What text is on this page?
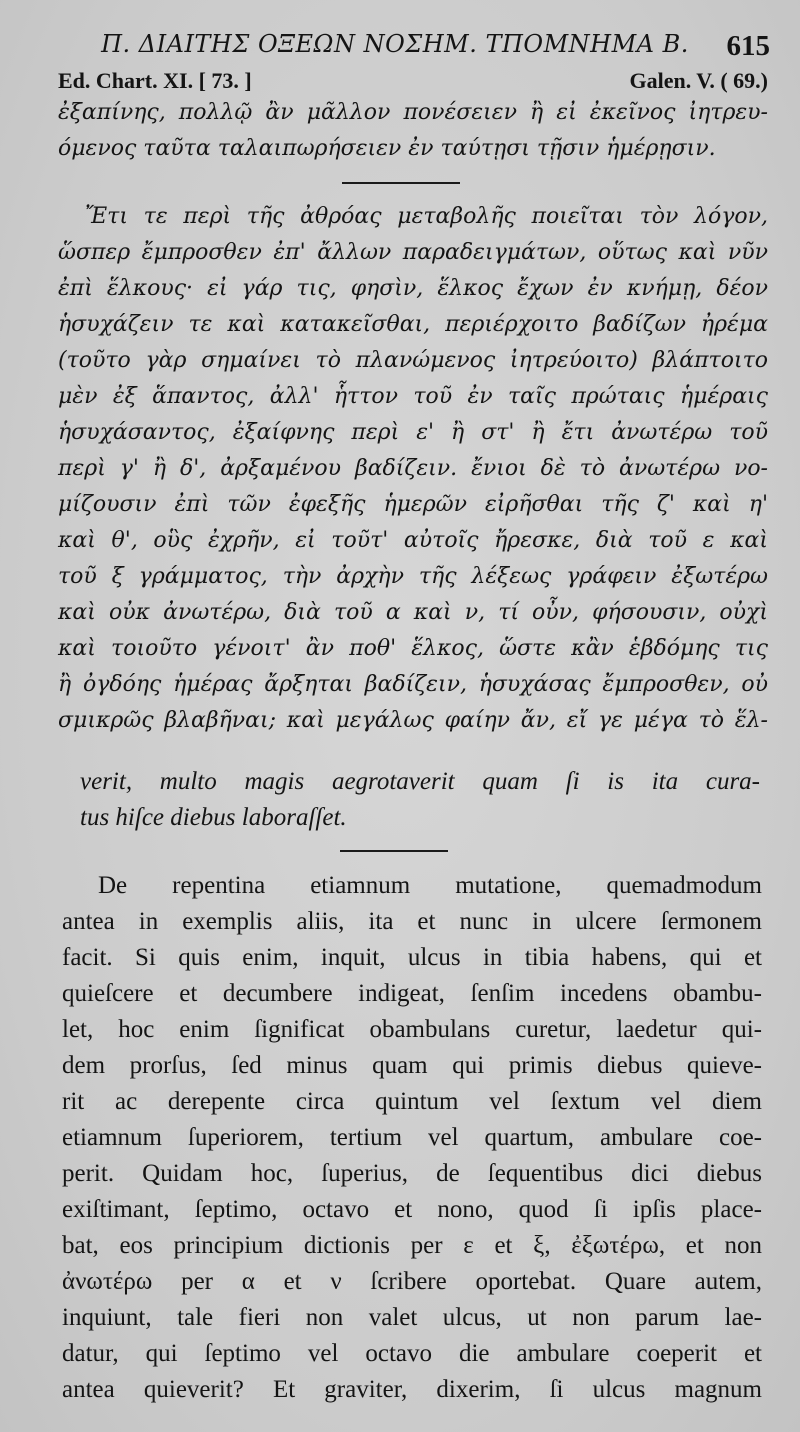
Π. ΔΙΑΙΤΗΣ ΟΞΕΩΝ ΝΟΣΗΜ. ΤΠΟΜΝΗΜΑ Β. 615
Ed. Chart. XI. [ 73. ]	Galen. V. ( 69.)
ἐξαπίνης, πολλῷ ἂν μᾶλλον πονέσειεν ἢ εἰ ἐκεῖνος ἰητρευ-
όμενος ταῦτα ταλαιπωρήσειεν ἐν ταύτῃσι τῇσιν ἡμέρῃσιν.
Ἔτι τε περὶ τῆς ἀθρόας μεταβολῆς ποιεῖται τὸν λόγον,
ὥσπερ ἔμπροσθεν ἐπ' ἄλλων παραδειγμάτων, οὕτως καὶ νῦν
ἐπὶ ἕλκους· εἰ γάρ τις, φησὶν, ἕλκος ἔχων ἐν κνήμῃ, δέον
ἡσυχάζειν τε καὶ κατακεῖσθαι, περιέρχοιτο βαδίζων ἠρέμα
(τοῦτο γὰρ σημαίνει τὸ πλανώμενος ἰητρεύοιτο) βλάπτοιτο
μὲν ἐξ ἅπαντος, ἀλλ' ἧττον τοῦ ἐν ταῖς πρώταις ἡμέραις
ἡσυχάσαντος, ἐξαίφνης περὶ ε' ἢ στ' ἢ ἔτι ἀνωτέρω τοῦ
περὶ γ' ἢ δ', ἀρξαμένου βαδίζειν. ἔνιοι δὲ τὸ ἀνωτέρω νο-
μίζουσιν ἐπὶ τῶν ἐφεξῆς ἡμερῶν εἰρῆσθαι τῆς ζ' καὶ η'
καὶ θ', οὓς ἐχρῆν, εἰ τοῦτ' αὐτοῖς ἤρεσκε, διὰ τοῦ ε καὶ
τοῦ ξ γράμματος, τὴν ἀρχὴν τῆς λέξεως γράφειν ἐξωτέρω
καὶ οὐκ ἀνωτέρω, διὰ τοῦ α καὶ ν, τί οὖν, φήσουσιν, οὐχὶ
καὶ τοιοῦτο γένοιτ' ἂν ποθ' ἕλκος, ὥστε κἂν ἑβδόμης τις
ἢ ὀγδόης ἡμέρας ἄρξηται βαδίζειν, ἡσυχάσας ἔμπροσθεν, οὐ
σμικρῶς βλαβῆναι; καὶ μεγάλως φαίην ἄν, εἴ γε μέγα τὸ ἕλ-
verit, multo magis aegrotaverit quam ſi is ita cura-
tus hiſce diebus laboraſſet.
De repentina etiamnum mutatione, quemadmodum
antea in exemplis aliis, ita et nunc in ulcere ſermonem
facit. Si quis enim, inquit, ulcus in tibia habens, qui et
quieſcere et decumbere indigeat, ſenſim incedens obambu-
let, hoc enim ſignificat obambulans curetur, laedetur qui-
dem prorſus, ſed minus quam qui primis diebus quieve-
rit ac derepente circa quintum vel ſextum vel diem
etiamnum ſuperiorem, tertium vel quartum, ambulare coe-
perit. Quidam hoc, ſuperius, de ſequentibus dici diebus
exiſtimant, ſeptimo, octavo et nono, quod ſi ipſis place-
bat, eos principium dictionis per ε et ξ, ἐξωτέρω, et non
ἀνωτέρω per α et ν ſcribere oportebat. Quare autem,
inquiunt, tale fieri non valet ulcus, ut non parum lae-
datur, qui ſeptimo vel octavo die ambulare coeperit et
antea quieverit? Et graviter, dixerim, ſi ulcus magnum
